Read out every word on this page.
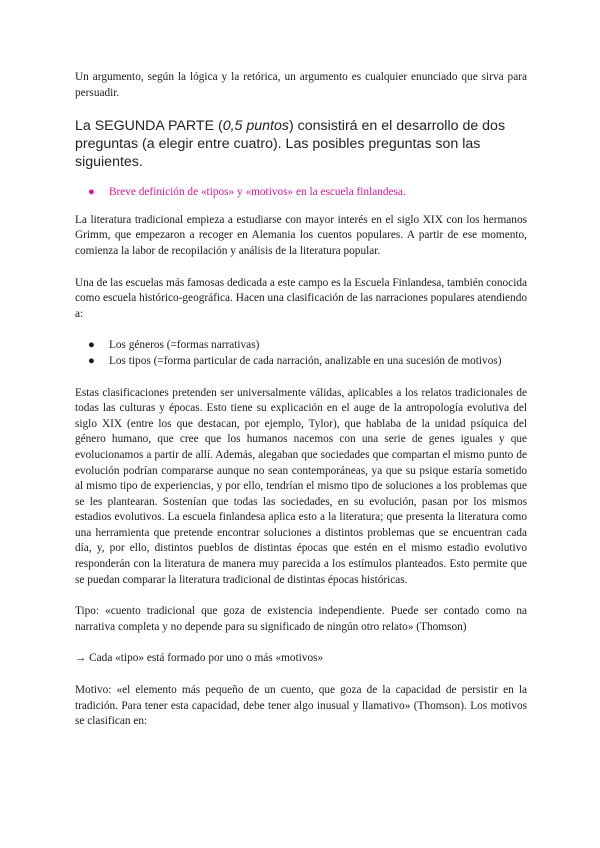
Un argumento, según la lógica y la retórica, un argumento es cualquier enunciado que sirva para persuadir.

La SEGUNDA PARTE (0,5 puntos) consistirá en el desarrollo de dos preguntas (a elegir entre cuatro). Las posibles preguntas son las siguientes.
● Breve definición de «tipos» y «motivos» en la escuela finlandesa.

La literatura tradicional empieza a estudiarse con mayor interés en el siglo XIX con los hermanos Grimm, que empezaron a recoger en Alemania los cuentos populares. A partir de ese momento, comienza la labor de recopilación y análisis de la literatura popular.

Una de las escuelas más famosas dedicada a este campo es la Escuela Finlandesa, también conocida como escuela histórico-geográfica. Hacen una clasificación de las narraciones populares atendiendo a:

● Los géneros (=formas narrativas)
● Los tipos (=forma particular de cada narración, analizable en una sucesión de motivos)

Estas clasificaciones pretenden ser universalmente válidas, aplicables a los relatos tradicionales de todas las culturas y épocas. Esto tiene su explicación en el auge de la antropología evolutiva del siglo XIX (entre los que destacan, por ejemplo, Tylor), que hablaba de la unidad psíquica del género humano, que cree que los humanos nacemos con una serie de genes iguales y que evolucionamos a partir de allí. Además, alegaban que sociedades que compartan el mismo punto de evolución podrían compararse aunque no sean contemporáneas, ya que su psique estaría sometido al mismo tipo de experiencias, y por ello, tendrían el mismo tipo de soluciones a los problemas que se les plantearan. Sostenían que todas las sociedades, en su evolución, pasan por los mismos estadios evolutivos. La escuela finlandesa aplica esto a la literatura; que presenta la literatura como una herramienta que pretende encontrar soluciones a distintos problemas que se encuentran cada día, y, por ello, distintos pueblos de distintas épocas que estén en el mismo estadio evolutivo responderán con la literatura de manera muy parecida a los estímulos planteados. Esto permite que se puedan comparar la literatura tradicional de distintas épocas históricas.

Tipo: «cuento tradicional que goza de existencia independiente. Puede ser contado como na narrativa completa y no depende para su significado de ningún otro relato» (Thomson)

→ Cada «tipo» está formado por uno o más «motivos»

Motivo: «el elemento más pequeño de un cuento, que goza de la capacidad de persistir en la tradición. Para tener esta capacidad, debe tener algo inusual y llamativo» (Thomson). Los motivos se clasifican en:
